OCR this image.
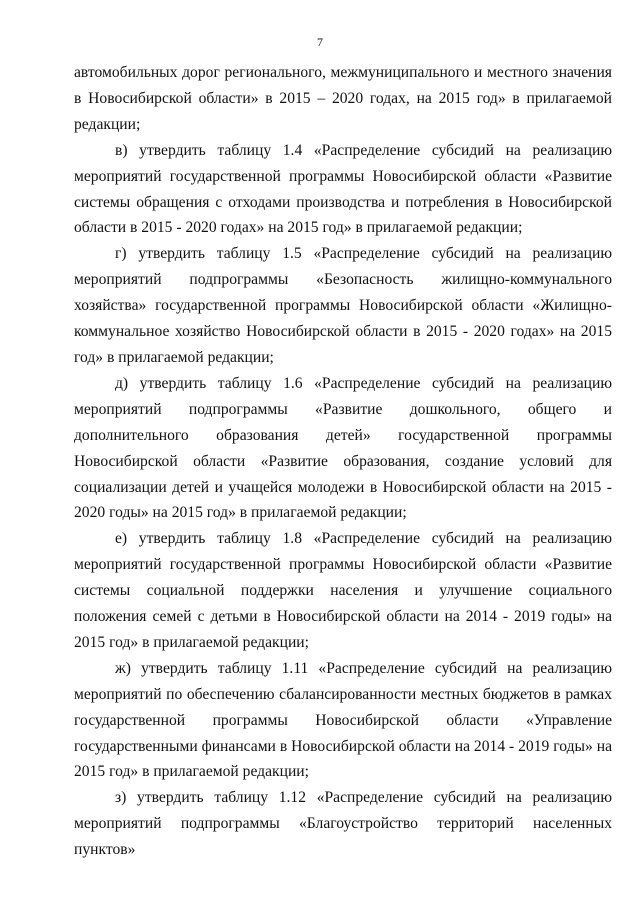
7

автомобильных дорог регионального, межмуниципального и местного значения в Новосибирской области» в 2015 – 2020 годах, на 2015 год» в прилагаемой редакции;

в) утвердить таблицу 1.4 «Распределение субсидий на реализацию мероприятий государственной программы Новосибирской области «Развитие системы обращения с отходами производства и потребления в Новосибирской области в 2015 - 2020 годах» на 2015 год» в прилагаемой редакции;

г) утвердить таблицу 1.5 «Распределение субсидий на реализацию мероприятий подпрограммы «Безопасность жилищно-коммунального хозяйства» государственной программы Новосибирской области «Жилищно-коммунальное хозяйство Новосибирской области в 2015 - 2020 годах» на 2015 год» в прилагаемой редакции;

д) утвердить таблицу 1.6 «Распределение субсидий на реализацию мероприятий подпрограммы «Развитие дошкольного, общего и дополнительного образования детей» государственной программы Новосибирской области «Развитие образования, создание условий для социализации детей и учащейся молодежи в Новосибирской области на 2015 - 2020 годы» на 2015 год» в прилагаемой редакции;

е) утвердить таблицу 1.8 «Распределение субсидий на реализацию мероприятий государственной программы Новосибирской области «Развитие системы социальной поддержки населения и улучшение социального положения семей с детьми в Новосибирской области на 2014 - 2019 годы» на 2015 год» в прилагаемой редакции;

ж) утвердить таблицу 1.11 «Распределение субсидий на реализацию мероприятий по обеспечению сбалансированности местных бюджетов в рамках государственной программы Новосибирской области «Управление государственными финансами в Новосибирской области на 2014 - 2019 годы» на 2015 год» в прилагаемой редакции;

з) утвердить таблицу 1.12 «Распределение субсидий на реализацию мероприятий подпрограммы «Благоустройство территорий населенных пунктов»
